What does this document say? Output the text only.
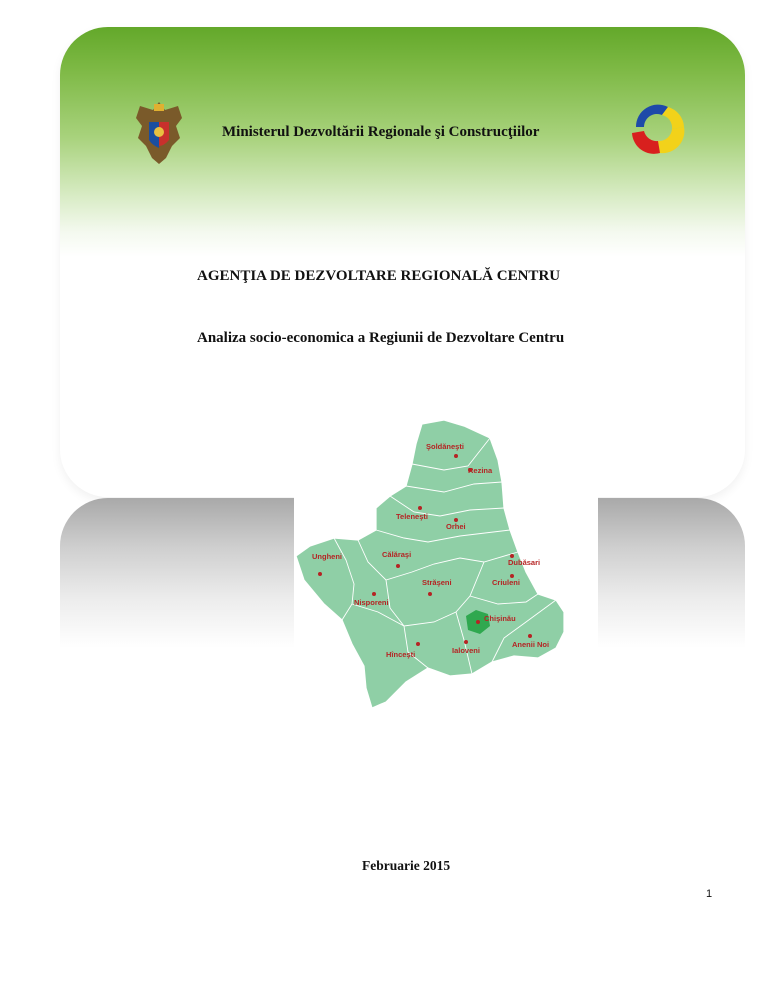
Ministerul Dezvoltării Regionale şi Construcţiilor
AGENŢIA DE DEZVOLTARE REGIONALĂ CENTRU
Analiza socio-economica a Regiunii de Dezvoltare Centru
Şoldăneşti
Rezina
Teleneşti
Orhei
Ungheni	Călăraşi
Dubăsari
Străşeni	Criuleni
Nisporeni
Chişinău
Anenii Noi
Hînceşti	Ialoveni
Februarie 2015
1
